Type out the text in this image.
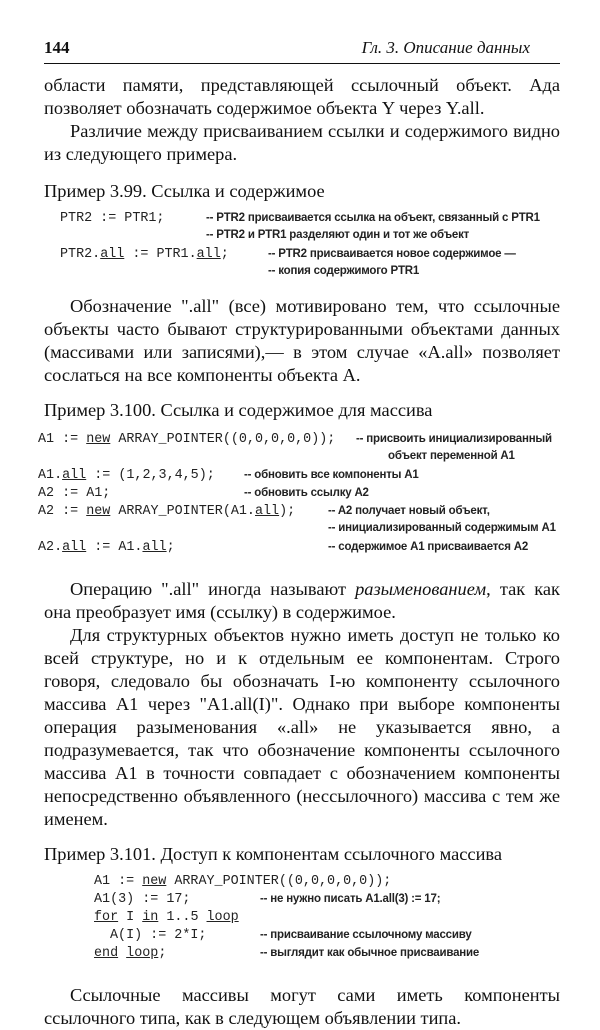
144	Гл. 3. Описание данных

области памяти, представляющей ссылочный объект. Ада позволяет обозначать содержимое объекта Y через Y.all.

Различие между присваиванием ссылки и содержимого видно из следующего примера.

Пример 3.99. Ссылка и содержимое

PTR2 := PTR1;	-- PTR2 присваивается ссылка на объект, связанный с PTR1
-- PTR2 и PTR1 разделяют один и тот же объект
PTR2.all := PTR1.all;	-- PTR2 присваивается новое содержимое —
-- копия содержимого PTR1

Обозначение ".all" (все) мотивировано тем, что ссылочные объекты часто бывают структурированными объектами данных (массивами или записями),— в этом случае «A.all» позволяет сослаться на все компоненты объекта A.

Пример 3.100. Ссылка и содержимое для массива

A1 := new ARRAY_POINTER((0,0,0,0,0));	-- присвоить инициализированный
объект переменной A1
A1.all := (1,2,3,4,5);	-- обновить все компоненты A1
A2 := A1;	-- обновить ссылку A2
A2 := new ARRAY_POINTER(A1.all);	-- A2 получает новый объект,
-- инициализированный содержимым A1
A2.all := A1.all;	-- содержимое A1 присваивается A2

Операцию ".all" иногда называют разыменованием, так как она преобразует имя (ссылку) в содержимое.

Для структурных объектов нужно иметь доступ не только ко всей структуре, но и к отдельным ее компонентам. Строго говоря, следовало бы обозначать I-ю компоненту ссылочного массива A1 через "A1.all(I)". Однако при выборе компоненты операция разыменования «.all» не указывается явно, а подразумевается, так что обозначение компоненты ссылочного массива A1 в точности совпадает с обозначением компоненты непосредственно объявленного (нессылочного) массива с тем же именем.

Пример 3.101. Доступ к компонентам ссылочного массива

A1 := new ARRAY_POINTER((0,0,0,0,0));
A1(3) := 17;	-- не нужно писать A1.all(3) := 17;
for I in 1..5 loop
A(I) := 2*I;	-- присваивание ссылочному массиву
end loop;	-- выглядит как обычное присваивание

Ссылочные массивы могут сами иметь компоненты ссылочного типа, как в следующем объявлении типа.
